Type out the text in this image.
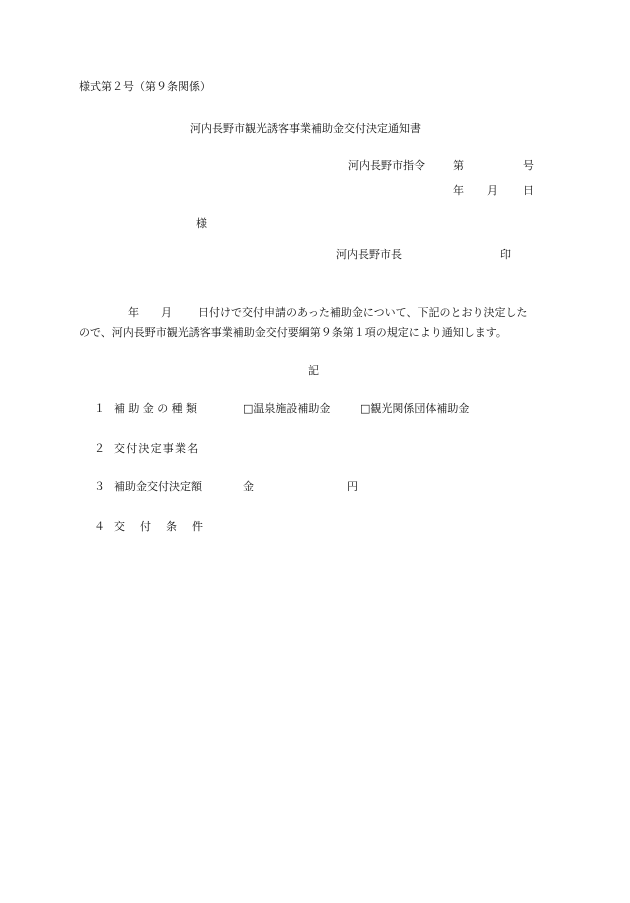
様式第２号（第９条関係）
河内長野市観光誘客事業補助金交付決定通知書
河内長野市指令	第	号
年 月 日
様
河内長野市長	印
年 月 日付けで交付申請のあった補助金について、下記のとおり決定した
ので、河内長野市観光誘客事業補助金交付要綱第９条第１項の規定により通知します。
記
１ 補助金の種類	□温泉施設補助金	□観光関係団体補助金
２ 交付決定事業名
３ 補助金交付決定額	金	円
４ 交付条件
